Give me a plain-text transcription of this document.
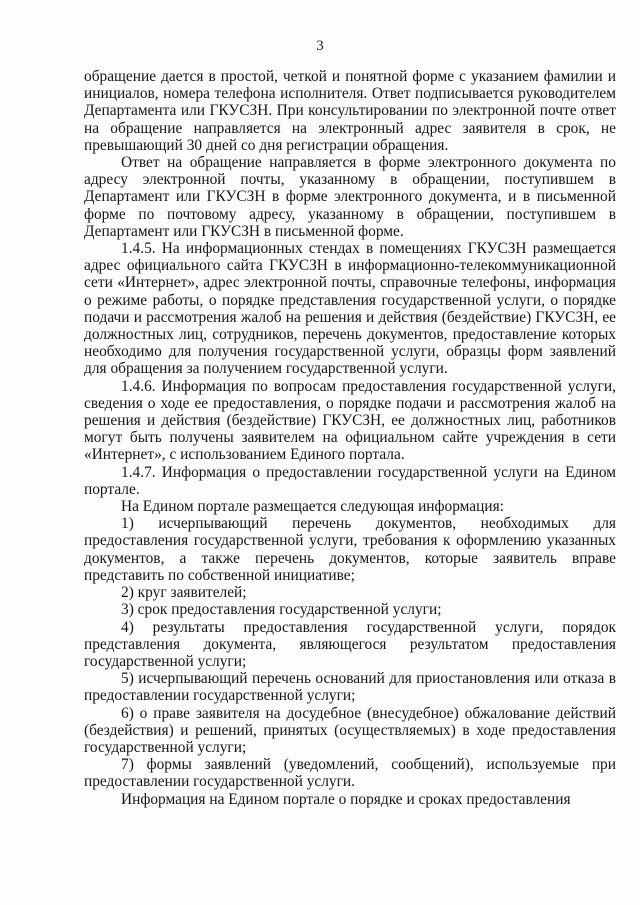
3

обращение дается в простой, четкой и понятной форме с указанием фамилии и инициалов, номера телефона исполнителя. Ответ подписывается руководителем Департамента или ГКУСЗН. При консультировании по электронной почте ответ на обращение направляется на электронный адрес заявителя в срок, не превышающий 30 дней со дня регистрации обращения.

Ответ на обращение направляется в форме электронного документа по адресу электронной почты, указанному в обращении, поступившем в Департамент или ГКУСЗН в форме электронного документа, и в письменной форме по почтовому адресу, указанному в обращении, поступившем в Департамент или ГКУСЗН в письменной форме.

1.4.5. На информационных стендах в помещениях ГКУСЗН размещается адрес официального сайта ГКУСЗН в информационно-телекоммуникационной сети «Интернет», адрес электронной почты, справочные телефоны, информация о режиме работы, о порядке представления государственной услуги, о порядке подачи и рассмотрения жалоб на решения и действия (бездействие) ГКУСЗН, ее должностных лиц, сотрудников, перечень документов, предоставление которых необходимо для получения государственной услуги, образцы форм заявлений для обращения за получением государственной услуги.

1.4.6. Информация по вопросам предоставления государственной услуги, сведения о ходе ее предоставления, о порядке подачи и рассмотрения жалоб на решения и действия (бездействие) ГКУСЗН, ее должностных лиц, работников могут быть получены заявителем на официальном сайте учреждения в сети «Интернет», с использованием Единого портала.

1.4.7. Информация о предоставлении государственной услуги на Едином портале.

На Едином портале размещается следующая информация:

1) исчерпывающий перечень документов, необходимых для предоставления государственной услуги, требования к оформлению указанных документов, а также перечень документов, которые заявитель вправе представить по собственной инициативе;

2) круг заявителей;

3) срок предоставления государственной услуги;

4) результаты предоставления государственной услуги, порядок представления документа, являющегося результатом предоставления государственной услуги;

5) исчерпывающий перечень оснований для приостановления или отказа в предоставлении государственной услуги;

6) о праве заявителя на досудебное (внесудебное) обжалование действий (бездействия) и решений, принятых (осуществляемых) в ходе предоставления государственной услуги;

7) формы заявлений (уведомлений, сообщений), используемые при предоставлении государственной услуги.

Информация на Едином портале о порядке и сроках предоставления
